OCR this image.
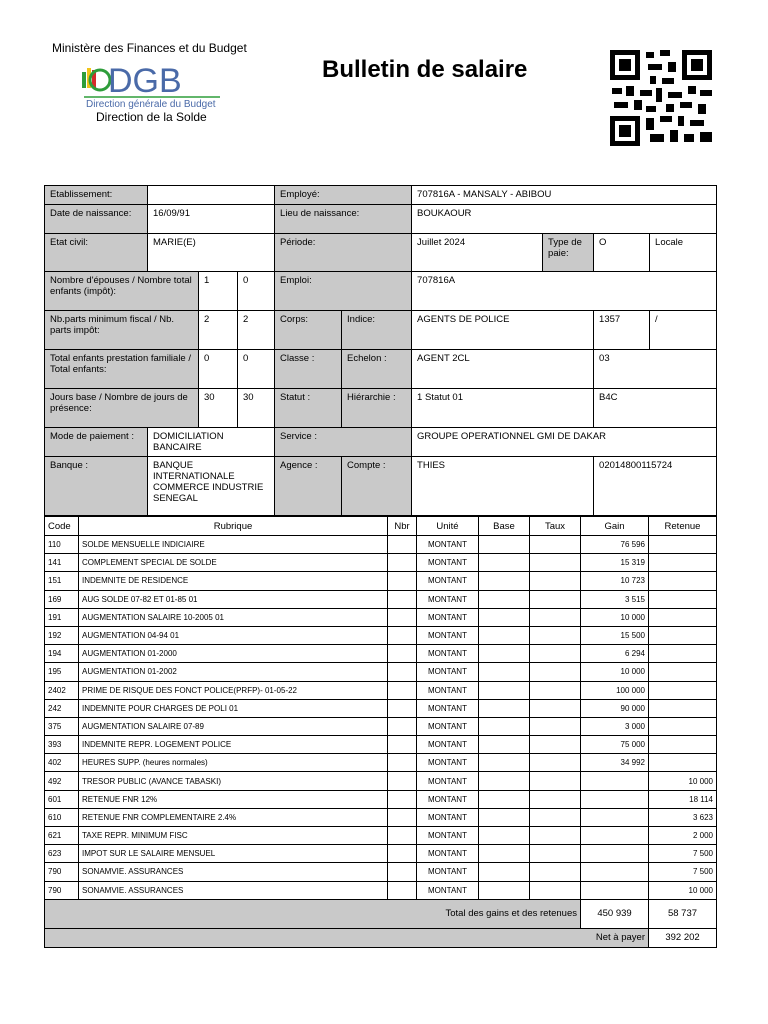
Ministère des Finances et du Budget
DGB
Direction générale du Budget
Direction de la Solde
Bulletin de salaire
Etablissement:				Employé:		707816A - MANSALY - ABIBOU			
Date de naissance:	16/09/91			Lieu de naissance:		BOUKAOUR			
Etat civil:	MARIE(E)			Période:		Juillet 2024	Type de paie:	O	Locale
Nombre d'épouses / Nombre total enfants (impôt):		1	0	Emploi:		707816A			
Nb.parts minimum fiscal / Nb. parts impôt:		2	2	Corps:	Indice:	AGENTS DE POLICE		1357	/
Total enfants prestation familiale / Total enfants:		0	0	Classe :	Echelon :	AGENT 2CL		03	
Jours base / Nombre de jours de présence:		30	30	Statut :	Hiérarchie :	1 Statut 01		B4C	
Mode de paiement :	DOMICILIATION BANCAIRE			Service :		GROUPE OPERATIONNEL GMI DE DAKAR			
Banque :	BANQUE INTERNATIONALE COMMERCE INDUSTRIE SENEGAL			Agence :	Compte :	THIES		02014800115724	
Code	Rubrique	Nbr	Unité	Base	Taux	Gain	Retenue
110	SOLDE MENSUELLE INDICIAIRE		MONTANT			76 596	
141	COMPLEMENT SPECIAL DE SOLDE		MONTANT			15 319	
151	INDEMNITE DE RESIDENCE		MONTANT			10 723	
169	AUG SOLDE 07-82 ET 01-85 01		MONTANT			3 515	
191	AUGMENTATION SALAIRE 10-2005 01		MONTANT			10 000	
192	AUGMENTATION 04-94 01		MONTANT			15 500	
194	AUGMENTATION 01-2000		MONTANT			6 294	
195	AUGMENTATION 01-2002		MONTANT			10 000	
2402	PRIME DE RISQUE DES FONCT POLICE(PRFP)- 01-05-22		MONTANT			100 000	
242	INDEMNITE POUR CHARGES DE POLI 01		MONTANT			90 000	
375	AUGMENTATION SALAIRE 07-89		MONTANT			3 000	
393	INDEMNITE REPR. LOGEMENT POLICE		MONTANT			75 000	
402	HEURES SUPP. (heures normales)		MONTANT			34 992	
492	TRESOR PUBLIC (AVANCE TABASKI)		MONTANT				10 000
601	RETENUE FNR 12%		MONTANT				18 114
610	RETENUE FNR COMPLEMENTAIRE 2.4%		MONTANT				3 623
621	TAXE REPR. MINIMUM FISC		MONTANT				2 000
623	IMPOT SUR LE SALAIRE MENSUEL		MONTANT				7 500
790	SONAMVIE. ASSURANCES		MONTANT				7 500
790	SONAMVIE. ASSURANCES		MONTANT				10 000
Total des gains et des retenues						450 939	58 737
Net à payer							392 202
